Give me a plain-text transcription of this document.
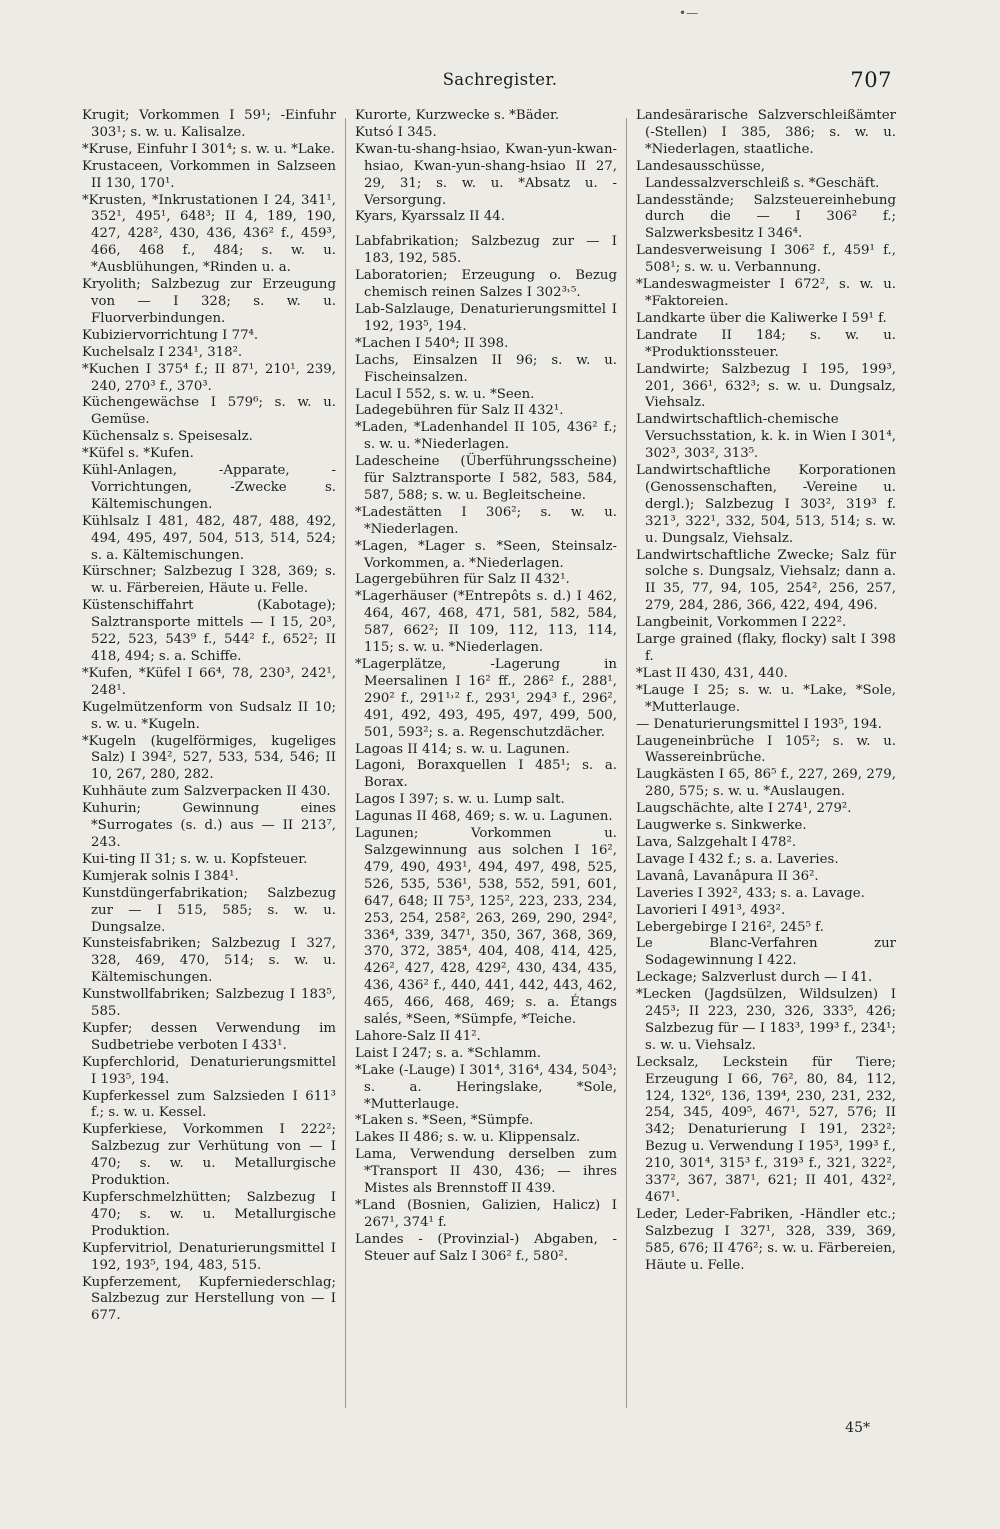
•—
Sachregister.	707
Krugit; Vorkommen I 59¹; -Einfuhr 303¹; s. w. u. Kalisalze.
*Kruse, Einfuhr I 301⁴; s. w. u. *Lake.
Krustaceen, Vorkommen in Salzseen II 130, 170¹.
*Krusten, *Inkrustationen I 24, 341¹, 352¹, 495¹, 648³; II 4, 189, 190, 427, 428², 430, 436, 436² f., 459³, 466, 468 f., 484; s. w. u. *Ausblühungen, *Rinden u. a.
Kryolith; Salzbezug zur Erzeugung von — I 328; s. w. u. Fluorverbindungen.
Kubiziervorrichtung I 77⁴.
Kuchelsalz I 234¹, 318².
*Kuchen I 375⁴ f.; II 87¹, 210¹, 239, 240, 270³ f., 370³.
Küchengewächse I 579⁶; s. w. u. Gemüse.
Küchensalz s. Speisesalz.
*Küfel s. *Kufen.
Kühl-Anlagen, -Apparate, -Vorrichtungen, -Zwecke s. Kältemischungen.
Kühlsalz I 481, 482, 487, 488, 492, 494, 495, 497, 504, 513, 514, 524; s. a. Kältemischungen.
Kürschner; Salzbezug I 328, 369; s. w. u. Färbereien, Häute u. Felle.
Küstenschiffahrt (Kabotage); Salztransporte mittels — I 15, 20³, 522, 523, 543⁹ f., 544² f., 652²; II 418, 494; s. a. Schiffe.
*Kufen, *Küfel I 66⁴, 78, 230³, 242¹, 248¹.
Kugelmützenform von Sudsalz II 10; s. w. u. *Kugeln.
*Kugeln (kugelförmiges, kugeliges Salz) I 394², 527, 533, 534, 546; II 10, 267, 280, 282.
Kuhhäute zum Salzverpacken II 430.
Kuhurin; Gewinnung eines *Surrogates (s. d.) aus — II 213⁷, 243.
Kui-ting II 31; s. w. u. Kopfsteuer.
Kumjerak solnis I 384¹.
Kunstdüngerfabrikation; Salzbezug zur — I 515, 585; s. w. u. Dungsalze.
Kunsteisfabriken; Salzbezug I 327, 328, 469, 470, 514; s. w. u. Kältemischungen.
Kunstwollfabriken; Salzbezug I 183⁵, 585.
Kupfer; dessen Verwendung im Sudbetriebe verboten I 433¹.
Kupferchlorid, Denaturierungsmittel I 193⁵, 194.
Kupferkessel zum Salzsieden I 611³ f.; s. w. u. Kessel.
Kupferkiese, Vorkommen I 222²; Salzbezug zur Verhütung von — I 470; s. w. u. Metallurgische Produktion.
Kupferschmelzhütten; Salzbezug I 470; s. w. u. Metallurgische Produktion.
Kupfervitriol, Denaturierungsmittel I 192, 193⁵, 194, 483, 515.
Kupferzement, Kupferniederschlag; Salzbezug zur Herstellung von — I 677.
Kurorte, Kurzwecke s. *Bäder.
Kutsó I 345.
Kwan-tu-shang-hsiao, Kwan-yun-kwan-hsiao, Kwan-yun-shang-hsiao II 27, 29, 31; s. w. u. *Absatz u. -Versorgung.
Kyars, Kyarssalz II 44.
Labfabrikation; Salzbezug zur — I 183, 192, 585.
Laboratorien; Erzeugung o. Bezug chemisch reinen Salzes I 302³˒⁵.
Lab-Salzlauge, Denaturierungsmittel I 192, 193⁵, 194.
*Lachen I 540⁴; II 398.
Lachs, Einsalzen II 96; s. w. u. Fischeinsalzen.
Lacul I 552, s. w. u. *Seen.
Ladegebühren für Salz II 432¹.
*Laden, *Ladenhandel II 105, 436² f.; s. w. u. *Niederlagen.
Ladescheine (Überführungsscheine) für Salztransporte I 582, 583, 584, 587, 588; s. w. u. Begleitscheine.
*Ladestätten I 306²; s. w. u. *Niederlagen.
*Lagen, *Lager s. *Seen, Steinsalz-Vorkommen, a. *Niederlagen.
Lagergebühren für Salz II 432¹.
*Lagerhäuser (*Entrepôts s. d.) I 462, 464, 467, 468, 471, 581, 582, 584, 587, 662²; II 109, 112, 113, 114, 115; s. w. u. *Niederlagen.
*Lagerplätze, -Lagerung in Meersalinen I 16² ff., 286² f., 288¹, 290² f., 291¹˒² f., 293¹, 294³ f., 296², 491, 492, 493, 495, 497, 499, 500, 501, 593²; s. a. Regenschutzdächer.
Lagoas II 414; s. w. u. Lagunen.
Lagoni, Boraxquellen I 485¹; s. a. Borax.
Lagos I 397; s. w. u. Lump salt.
Lagunas II 468, 469; s. w. u. Lagunen.
Lagunen; Vorkommen u. Salzgewinnung aus solchen I 16², 479, 490, 493¹, 494, 497, 498, 525, 526, 535, 536¹, 538, 552, 591, 601, 647, 648; II 75³, 125², 223, 233, 234, 253, 254, 258², 263, 269, 290, 294², 336⁴, 339, 347¹, 350, 367, 368, 369, 370, 372, 385⁴, 404, 408, 414, 425, 426², 427, 428, 429², 430, 434, 435, 436, 436² f., 440, 441, 442, 443, 462, 465, 466, 468, 469; s. a. Étangs salés, *Seen, *Sümpfe, *Teiche.
Lahore-Salz II 41².
Laist I 247; s. a. *Schlamm.
*Lake (-Lauge) I 301⁴, 316⁴, 434, 504³; s. a. Heringslake, *Sole, *Mutterlauge.
*Laken s. *Seen, *Sümpfe.
Lakes II 486; s. w. u. Klippensalz.
Lama, Verwendung derselben zum *Transport II 430, 436; — ihres Mistes als Brennstoff II 439.
*Land (Bosnien, Galizien, Halicz) I 267¹, 374¹ f.
Landes - (Provinzial-) Abgaben, -Steuer auf Salz I 306² f., 580².
Landesärarische Salzverschleißämter (-Stellen) I 385, 386; s. w. u. *Niederlagen, staatliche.
Landesausschüsse, Landessalzverschleiß s. *Geschäft.
Landesstände; Salzsteuereinhebung durch die — I 306² f.; Salzwerksbesitz I 346⁴.
Landesverweisung I 306² f., 459¹ f., 508¹; s. w. u. Verbannung.
*Landeswagmeister I 672², s. w. u. *Faktoreien.
Landkarte über die Kaliwerke I 59¹ f.
Landrate II 184; s. w. u. *Produktionssteuer.
Landwirte; Salzbezug I 195, 199³, 201, 366¹, 632³; s. w. u. Dungsalz, Viehsalz.
Landwirtschaftlich-chemische Versuchsstation, k. k. in Wien I 301⁴, 302³, 303², 313⁵.
Landwirtschaftliche Korporationen (Genossenschaften, -Vereine u. dergl.); Salzbezug I 303², 319³ f. 321³, 322¹, 332, 504, 513, 514; s. w. u. Dungsalz, Viehsalz.
Landwirtschaftliche Zwecke; Salz für solche s. Dungsalz, Viehsalz; dann a. II 35, 77, 94, 105, 254², 256, 257, 279, 284, 286, 366, 422, 494, 496.
Langbeinit, Vorkommen I 222².
Large grained (flaky, flocky) salt I 398 f.
*Last II 430, 431, 440.
*Lauge I 25; s. w. u. *Lake, *Sole, *Mutterlauge.
— Denaturierungsmittel I 193⁵, 194.
Laugeneinbrüche I 105²; s. w. u. Wassereinbrüche.
Laugkästen I 65, 86⁵ f., 227, 269, 279, 280, 575; s. w. u. *Auslaugen.
Laugschächte, alte I 274¹, 279².
Laugwerke s. Sinkwerke.
Lava, Salzgehalt I 478².
Lavage I 432 f.; s. a. Laveries.
Lavanâ, Lavanâpura II 36².
Laveries I 392², 433; s. a. Lavage.
Lavorieri I 491³, 493².
Lebergebirge I 216², 245⁵ f.
Le Blanc-Verfahren zur Sodagewinnung I 422.
Leckage; Salzverlust durch — I 41.
*Lecken (Jagdsülzen, Wildsulzen) I 245³; II 223, 230, 326, 333⁵, 426; Salzbezug für — I 183³, 199³ f., 234¹; s. w. u. Viehsalz.
Lecksalz, Leckstein für Tiere; Erzeugung I 66, 76², 80, 84, 112, 124, 132⁶, 136, 139⁴, 230, 231, 232, 254, 345, 409⁵, 467¹, 527, 576; II 342; Denaturierung I 191, 232²; Bezug u. Verwendung I 195³, 199³ f., 210, 301⁴, 315³ f., 319³ f., 321, 322², 337², 367, 387¹, 621; II 401, 432², 467¹.
Leder, Leder-Fabriken, -Händler etc.; Salzbezug I 327¹, 328, 339, 369, 585, 676; II 476²; s. w. u. Färbereien, Häute u. Felle.
45*
